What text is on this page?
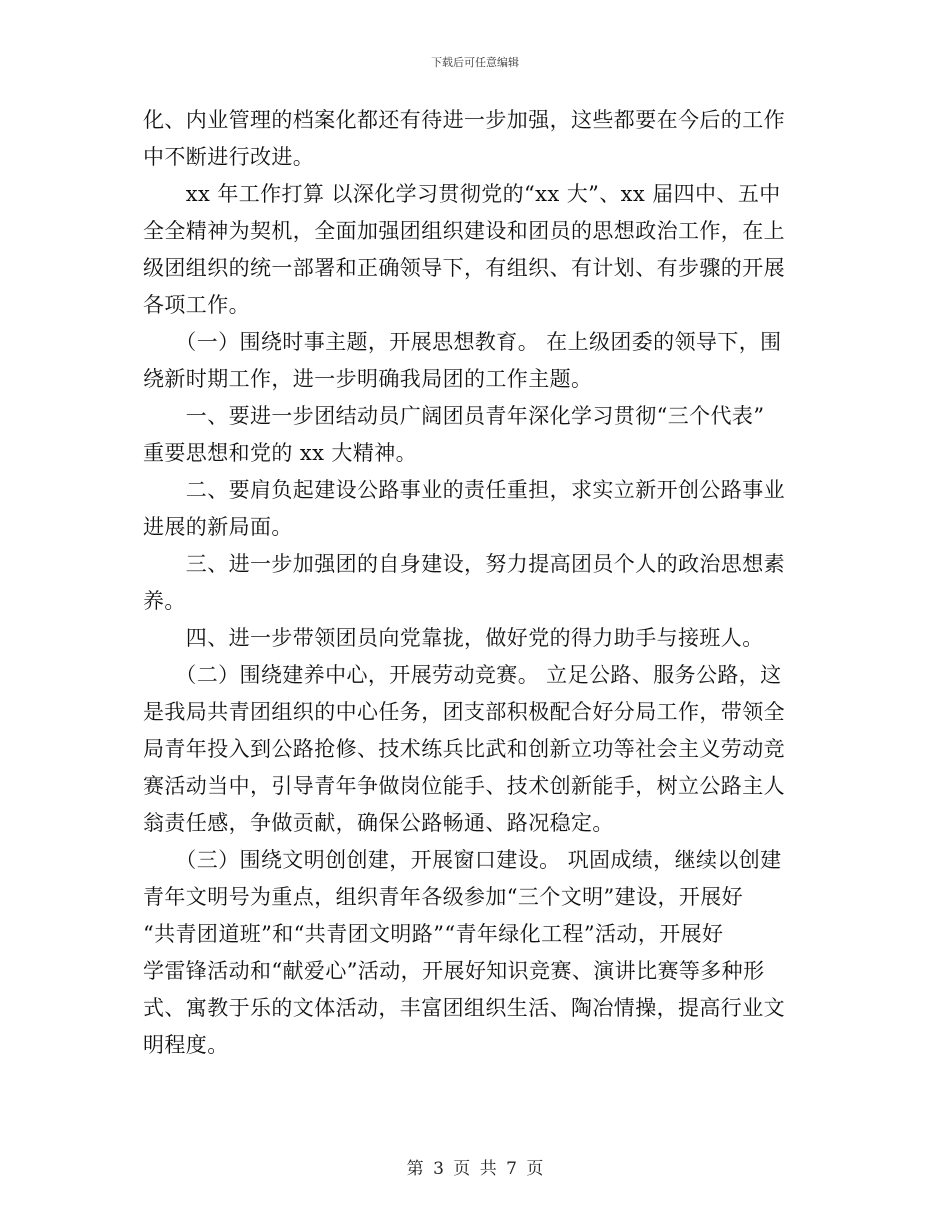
下载后可任意编辑
化、内业管理的档案化都还有待进一步加强，这些都要在今后的工作
中不断进行改进。
　　xx 年工作打算 以深化学习贯彻党的“xx 大”、xx 届四中、五中
全全精神为契机，全面加强团组织建设和团员的思想政治工作，在上
级团组织的统一部署和正确领导下，有组织、有计划、有步骤的开展
各项工作。
　　（一）围绕时事主题，开展思想教育。 在上级团委的领导下，围
绕新时期工作，进一步明确我局团的工作主题。
　　一、要进一步团结动员广阔团员青年深化学习贯彻“三个代表”
重要思想和党的 xx 大精神。
　　二、要肩负起建设公路事业的责任重担，求实立新开创公路事业
进展的新局面。
　　三、进一步加强团的自身建设，努力提高团员个人的政治思想素
养。
　　四、进一步带领团员向党靠拢，做好党的得力助手与接班人。
　　（二）围绕建养中心，开展劳动竞赛。 立足公路、服务公路，这
是我局共青团组织的中心任务，团支部积极配合好分局工作，带领全
局青年投入到公路抢修、技术练兵比武和创新立功等社会主义劳动竞
赛活动当中，引导青年争做岗位能手、技术创新能手，树立公路主人
翁责任感，争做贡献，确保公路畅通、路况稳定。
　　（三）围绕文明创创建，开展窗口建设。 巩固成绩，继续以创建
青年文明号为重点，组织青年各级参加“三个文明”建设，开展好
“共青团道班”和“共青团文明路”“青年绿化工程”活动，开展好
学雷锋活动和“献爱心”活动，开展好知识竞赛、演讲比赛等多种形
式、寓教于乐的文体活动，丰富团组织生活、陶冶情操，提高行业文
明程度。
第 3 页 共 7 页
